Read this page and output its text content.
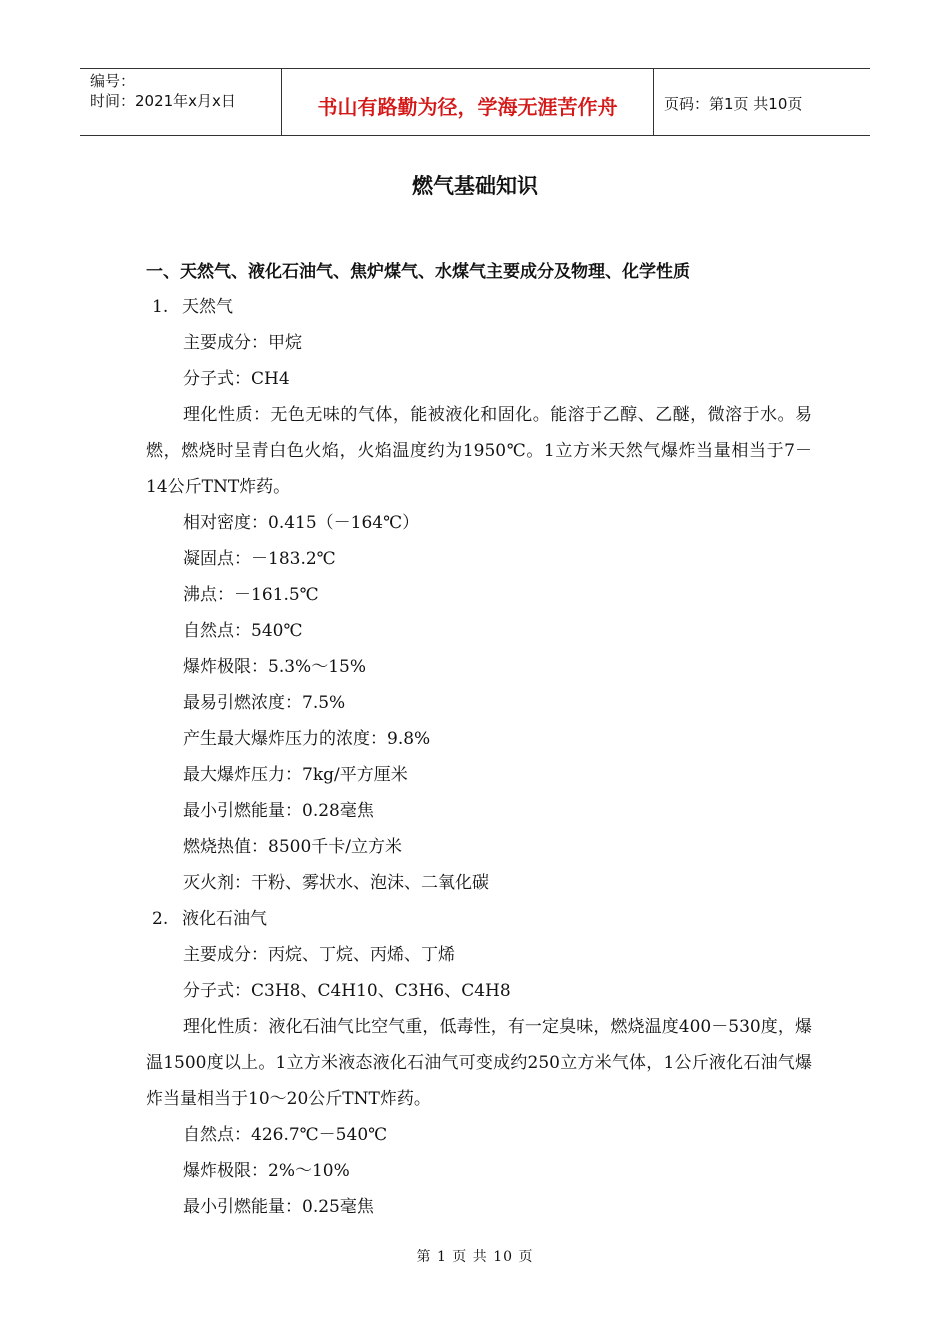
编号：
时间：2021年x月x日	书山有路勤为径，学海无涯苦作舟	页码：第1页 共10页
燃气基础知识

一、天然气、液化石油气、焦炉煤气、水煤气主要成分及物理、化学性质

1. 天然气

主要成分：甲烷

分子式：CH4

理化性质：无色无味的气体，能被液化和固化。能溶于乙醇、乙醚，微溶于水。易燃，燃烧时呈青白色火焰，火焰温度约为1950℃。1立方米天然气爆炸当量相当于7－14公斤TNT炸药。

相对密度：0.415（－164℃）

凝固点：－183.2℃

沸点：－161.5℃

自然点：540℃

爆炸极限：5.3%～15%

最易引燃浓度：7.5%

产生最大爆炸压力的浓度：9.8%

最大爆炸压力：7kg/平方厘米

最小引燃能量：0.28毫焦

燃烧热值：8500千卡/立方米

灭火剂：干粉、雾状水、泡沫、二氧化碳

2. 液化石油气

主要成分：丙烷、丁烷、丙烯、丁烯

分子式：C3H8、C4H10、C3H6、C4H8

理化性质：液化石油气比空气重，低毒性，有一定臭味，燃烧温度400－530度，爆温1500度以上。1立方米液态液化石油气可变成约250立方米气体，1公斤液化石油气爆炸当量相当于10～20公斤TNT炸药。

自然点：426.7℃－540℃

爆炸极限：2%～10%

最小引燃能量：0.25毫焦

第 1 页 共 10 页
